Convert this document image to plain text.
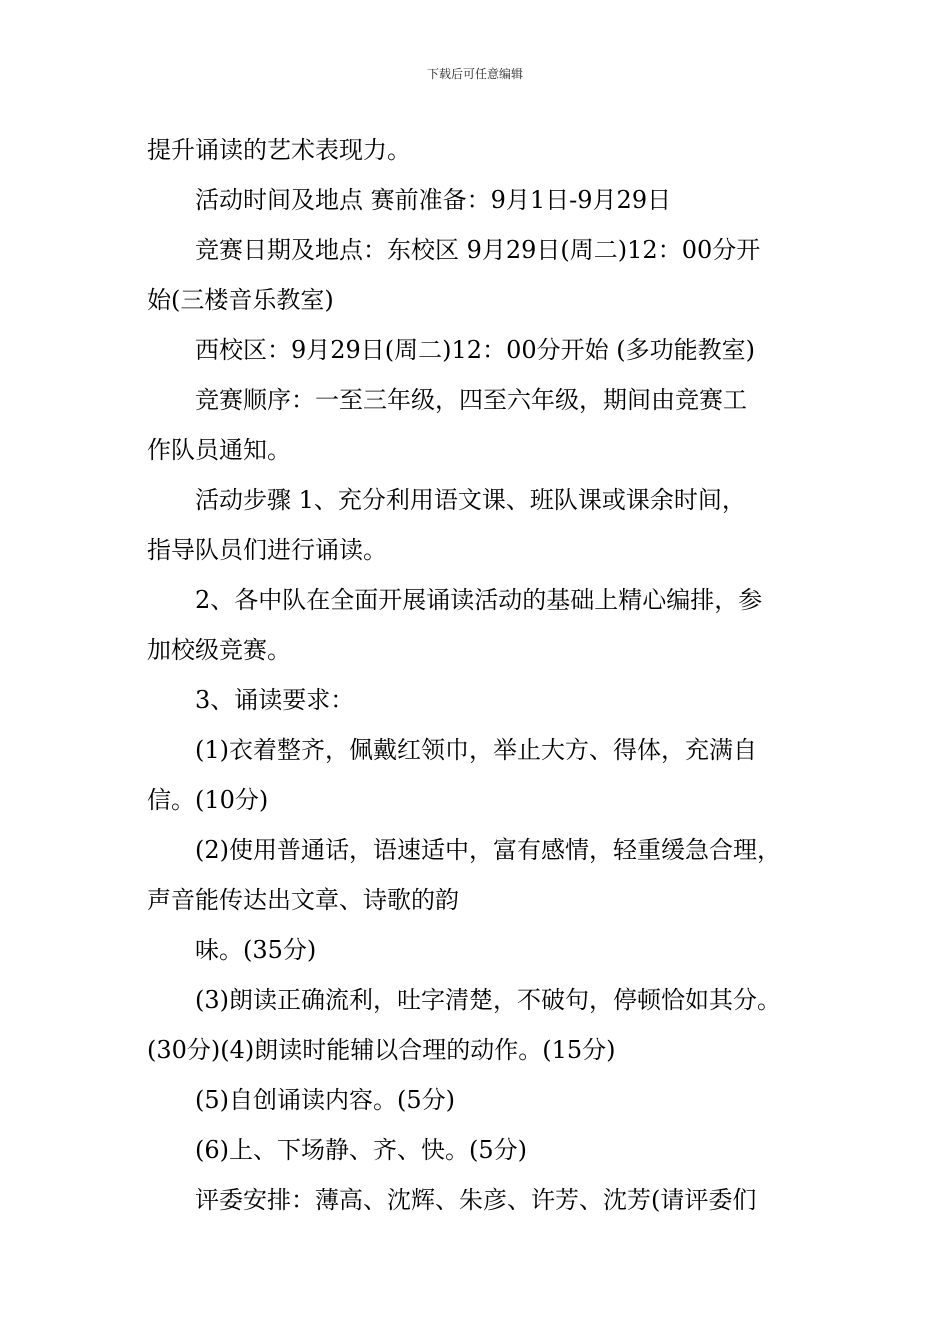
下载后可任意编辑
提升诵读的艺术表现力。
活动时间及地点 赛前准备：9月1日-9月29日
竞赛日期及地点：东校区 9月29日(周二)12：00分开
始(三楼音乐教室)
西校区：9月29日(周二)12：00分开始 (多功能教室)
竞赛顺序：一至三年级，四至六年级，期间由竞赛工
作队员通知。
活动步骤 1、充分利用语文课、班队课或课余时间，
指导队员们进行诵读。
2、各中队在全面开展诵读活动的基础上精心编排，参
加校级竞赛。
3、诵读要求：
(1)衣着整齐，佩戴红领巾，举止大方、得体，充满自
信。(10分)
(2)使用普通话，语速适中，富有感情，轻重缓急合理，
声音能传达出文章、诗歌的韵
味。(35分)
(3)朗读正确流利，吐字清楚，不破句，停顿恰如其分。
(30分)(4)朗读时能辅以合理的动作。(15分)
(5)自创诵读内容。(5分)
(6)上、下场静、齐、快。(5分)
评委安排：薄高、沈辉、朱彦、许芳、沈芳(请评委们
